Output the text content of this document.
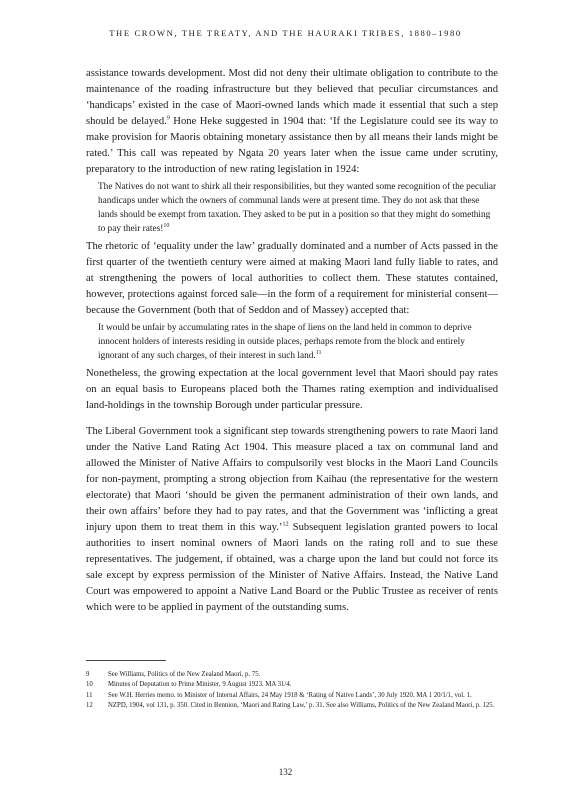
THE CROWN, THE TREATY, AND THE HAURAKI TRIBES, 1880–1980

assistance towards development. Most did not deny their ultimate obligation to contribute to the maintenance of the roading infrastructure but they believed that peculiar circumstances and ‘handicaps’ existed in the case of Maori-owned lands which made it essential that such a step should be delayed.$^9$ Hone Heke suggested in 1904 that: ‘If the Legislature could see its way to make provision for Maoris obtaining monetary assistance then by all means their lands might be rated.’ This call was repeated by Ngata 20 years later when the issue came under scrutiny, preparatory to the introduction of new rating legislation in 1924:

The Natives do not want to shirk all their responsibilities, but they wanted some recognition of the peculiar handicaps under which the owners of communal lands were at present time. They do not ask that these lands should be exempt from taxation. They asked to be put in a position so that they might do something to pay their rates!$^{10}$

The rhetoric of ‘equality under the law’ gradually dominated and a number of Acts passed in the first quarter of the twentieth century were aimed at making Maori land fully liable to rates, and at strengthening the powers of local authorities to collect them. These statutes contained, however, protections against forced sale—in the form of a requirement for ministerial consent—because the Government (both that of Seddon and of Massey) accepted that:

It would be unfair by accumulating rates in the shape of liens on the land held in common to deprive innocent holders of interests residing in outside places, perhaps remote from the block and entirely ignorant of any such charges, of their interest in such land.$^{11}$

Nonetheless, the growing expectation at the local government level that Maori should pay rates on an equal basis to Europeans placed both the Thames rating exemption and individualised land-holdings in the township Borough under particular pressure.

The Liberal Government took a significant step towards strengthening powers to rate Maori land under the Native Land Rating Act 1904. This measure placed a tax on communal land and allowed the Minister of Native Affairs to compulsorily vest blocks in the Maori Land Councils for non-payment, prompting a strong objection from Kaihau (the representative for the western electorate) that Maori ‘should be given the permanent administration of their own lands, and their own affairs’ before they had to pay rates, and that the Government was ‘inflicting a great injury upon them to treat them in this way.’$^{12}$ Subsequent legislation granted powers to local authorities to insert nominal owners of Maori lands on the rating roll and to sue these representatives. The judgement, if obtained, was a charge upon the land but could not force its sale except by express permission of the Minister of Native Affairs. Instead, the Native Land Court was empowered to appoint a Native Land Board or the Public Trustee as receiver of rents which were to be applied in payment of the outstanding sums.

9	See Williams, Politics of the New Zealand Maori, p. 75.
10	Minutes of Deputation to Prime Minister, 9 August 1923. MA 31/4.
11	See W.H. Herries memo. to Minister of Internal Affairs, 24 May 1918 & ‘Rating of Native Lands’, 30 July 1920. MA 1 20/1/1, vol. 1.
12	NZPD, 1904, vol 131, p. 350. Cited in Bennion, ‘Maori and Rating Law,’ p. 31. See also Williams, Politics of the New Zealand Maori, p. 125.
132
